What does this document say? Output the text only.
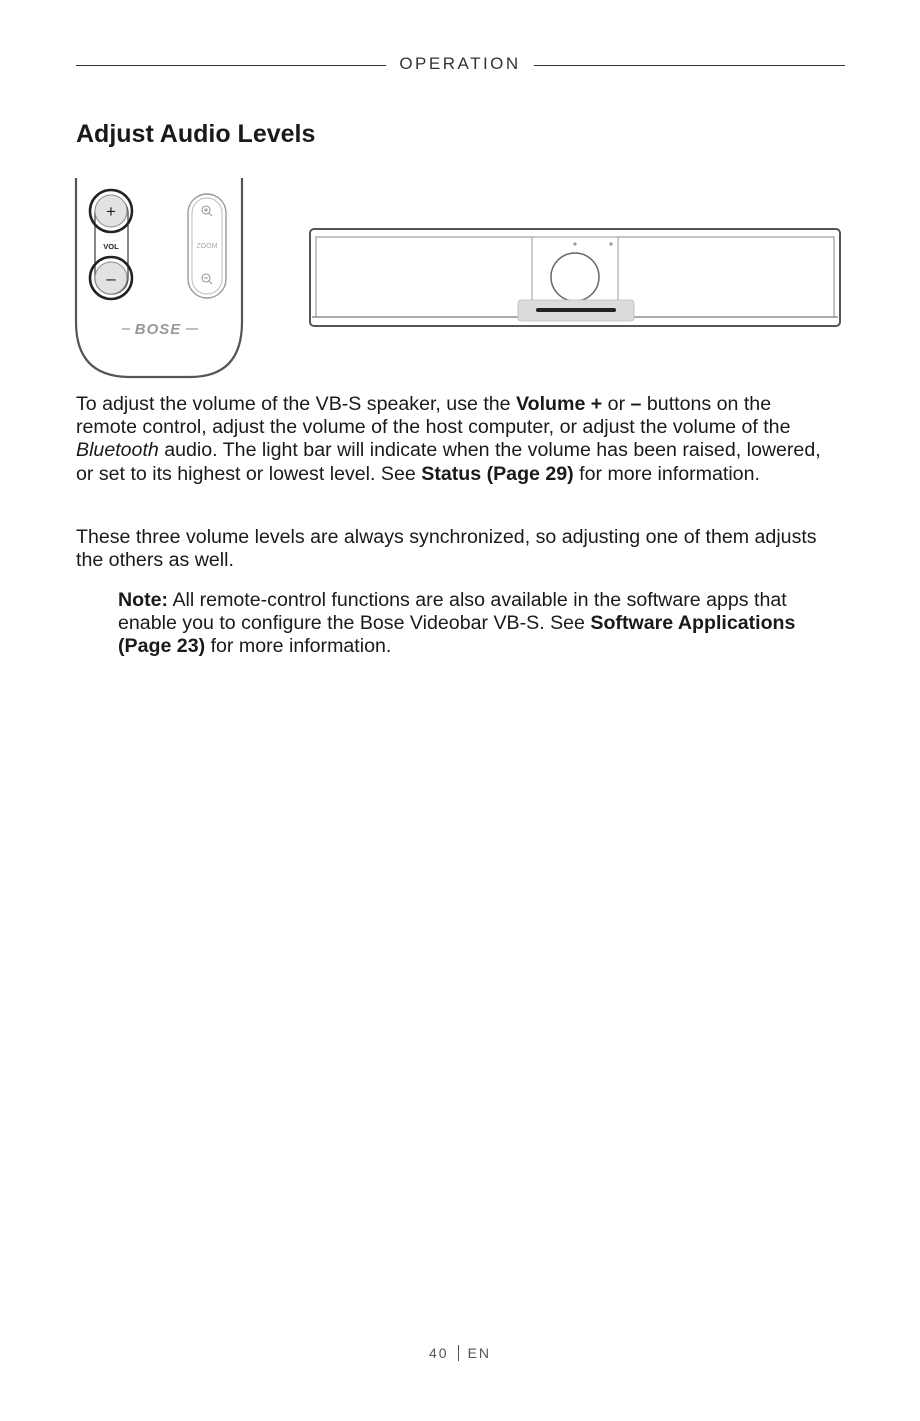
OPERATION
Adjust Audio Levels
+
VOL
–
ZOOM
BOSE
To adjust the volume of the VB-S speaker, use the Volume + or – buttons on the remote control, adjust the volume of the host computer, or adjust the volume of the Bluetooth audio. The light bar will indicate when the volume has been raised, lowered, or set to its highest or lowest level. See Status (Page 29) for more information.
These three volume levels are always synchronized, so adjusting one of them adjusts the others as well.
Note: All remote-control functions are also available in the software apps that enable you to configure the Bose Videobar VB-S. See Software Applications (Page 23) for more information.
40 EN
